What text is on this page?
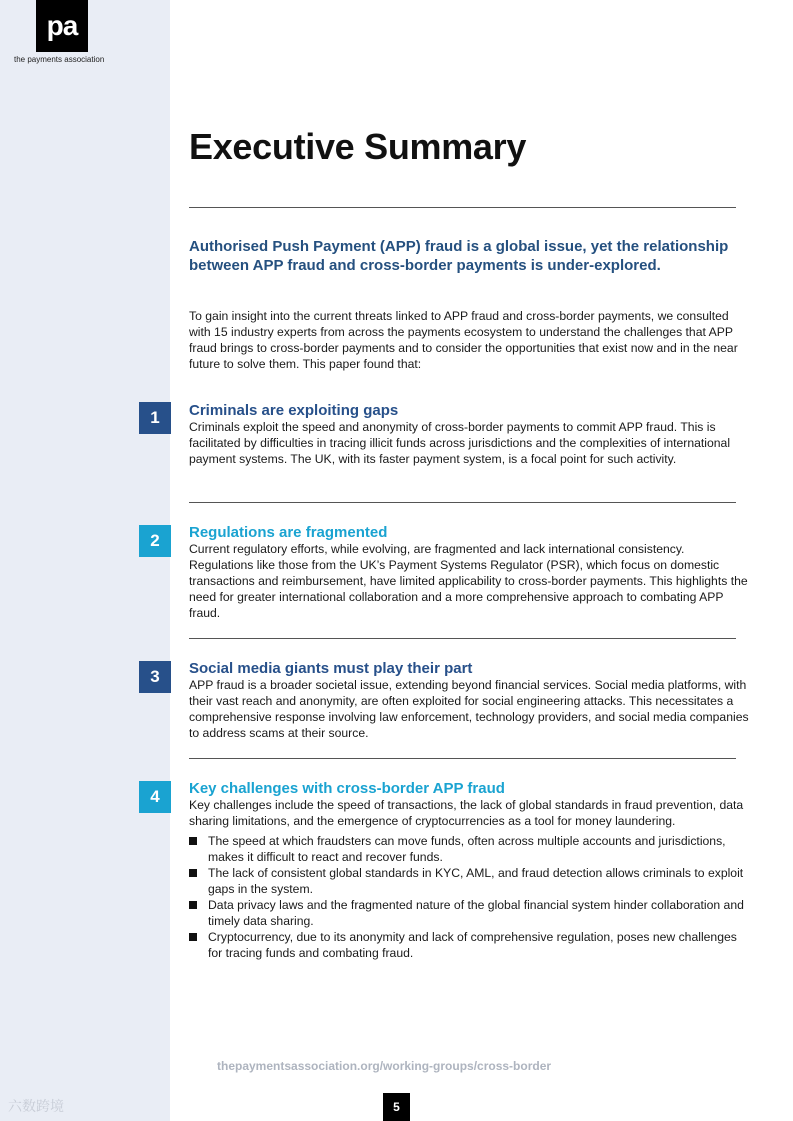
pa
the payments association
Executive Summary

Authorised Push Payment (APP) fraud is a global issue, yet the relationship between APP fraud and cross-border payments is under-explored.

To gain insight into the current threats linked to APP fraud and cross-border payments, we consulted with 15 industry experts from across the payments ecosystem to understand the challenges that APP fraud brings to cross-border payments and to consider the opportunities that exist now and in the near future to solve them. This paper found that:

1	Criminals are exploiting gaps

Criminals exploit the speed and anonymity of cross-border payments to commit APP fraud. This is facilitated by difficulties in tracing illicit funds across jurisdictions and the complexities of international payment systems. The UK, with its faster payment system, is a focal point for such activity.

2	Regulations are fragmented

Current regulatory efforts, while evolving, are fragmented and lack international consistency. Regulations like those from the UK’s Payment Systems Regulator (PSR), which focus on domestic transactions and reimbursement, have limited applicability to cross-border payments. This highlights the need for greater international collaboration and a more comprehensive approach to combating APP fraud.

3	Social media giants must play their part

APP fraud is a broader societal issue, extending beyond financial services. Social media platforms, with their vast reach and anonymity, are often exploited for social engineering attacks. This necessitates a comprehensive response involving law enforcement, technology providers, and social media companies to address scams at their source.

4	Key challenges with cross-border APP fraud

Key challenges include the speed of transactions, the lack of global standards in fraud prevention, data sharing limitations, and the emergence of cryptocurrencies as a tool for money laundering.

The speed at which fraudsters can move funds, often across multiple accounts and jurisdictions, makes it difficult to react and recover funds.
The lack of consistent global standards in KYC, AML, and fraud detection allows criminals to exploit gaps in the system.
Data privacy laws and the fragmented nature of the global financial system hinder collaboration and timely data sharing.
Cryptocurrency, due to its anonymity and lack of comprehensive regulation, poses new challenges for tracing funds and combating fraud.
thepaymentsassociation.org/working-groups/cross-border
5
六数跨境
